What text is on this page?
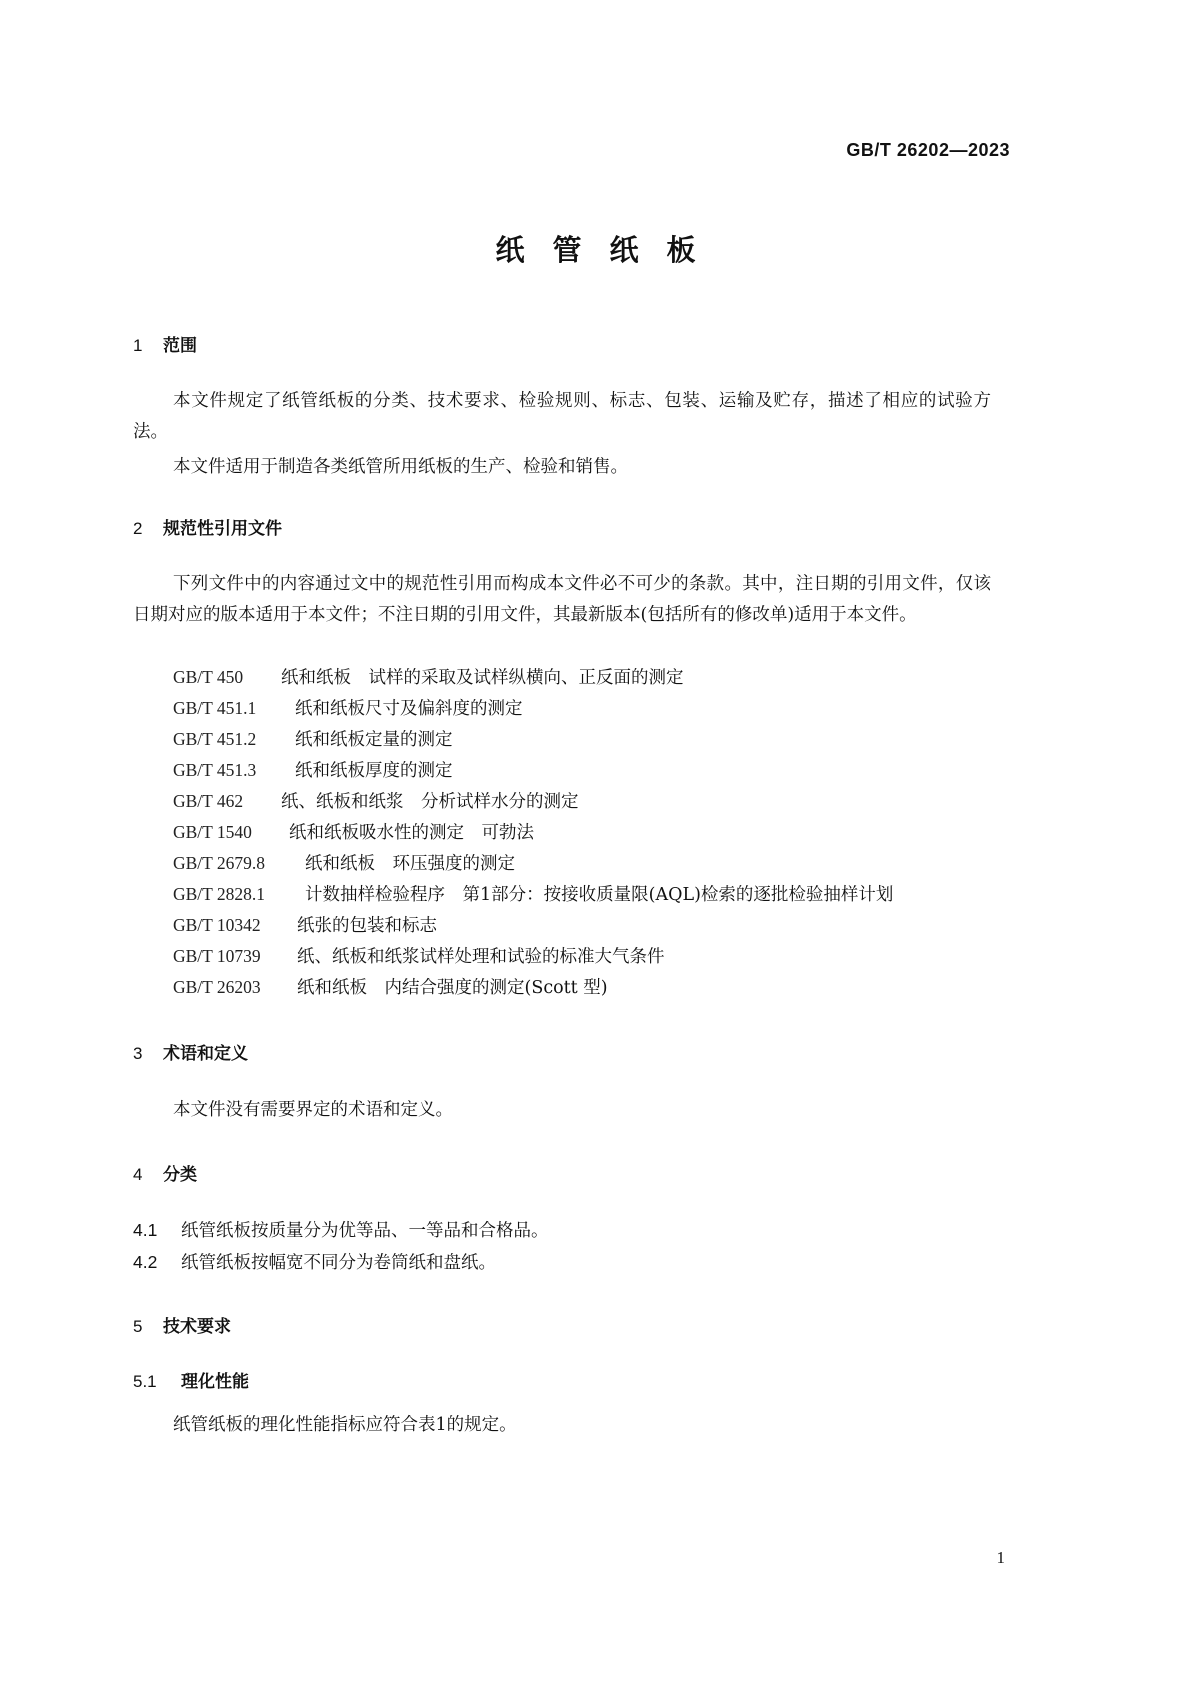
GB/T 26202—2023
纸管纸板
1 范围
本文件规定了纸管纸板的分类、技术要求、检验规则、标志、包装、运输及贮存，描述了相应的试验方法。
本文件适用于制造各类纸管所用纸板的生产、检验和销售。
2 规范性引用文件
下列文件中的内容通过文中的规范性引用而构成本文件必不可少的条款。其中，注日期的引用文件，仅该日期对应的版本适用于本文件；不注日期的引用文件，其最新版本(包括所有的修改单)适用于本文件。
GB/T 450 纸和纸板　试样的采取及试样纵横向、正反面的测定
GB/T 451.1 纸和纸板尺寸及偏斜度的测定
GB/T 451.2 纸和纸板定量的测定
GB/T 451.3 纸和纸板厚度的测定
GB/T 462 纸、纸板和纸浆　分析试样水分的测定
GB/T 1540 纸和纸板吸水性的测定　可勃法
GB/T 2679.8 纸和纸板　环压强度的测定
GB/T 2828.1 计数抽样检验程序　第1部分：按接收质量限(AQL)检索的逐批检验抽样计划
GB/T 10342 纸张的包装和标志
GB/T 10739 纸、纸板和纸浆试样处理和试验的标准大气条件
GB/T 26203 纸和纸板　内结合强度的测定(Scott 型)
3 术语和定义
本文件没有需要界定的术语和定义。
4 分类
4.1 纸管纸板按质量分为优等品、一等品和合格品。
4.2 纸管纸板按幅宽不同分为卷筒纸和盘纸。
5 技术要求
5.1 理化性能
纸管纸板的理化性能指标应符合表1的规定。
1
